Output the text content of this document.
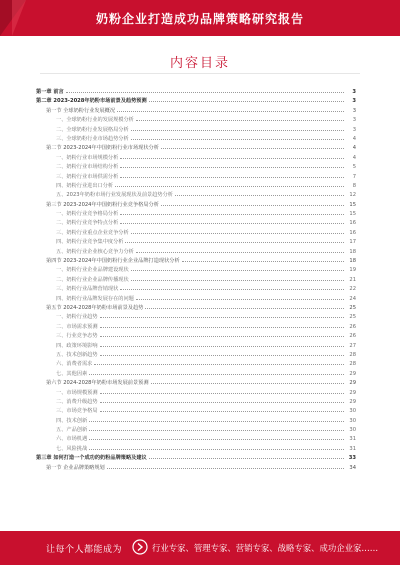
奶粉企业打造成功品牌策略研究报告
内容目录
第一章 前言	3
第二章 2023-2028年奶粉市场前景及趋势预测	3
第一节 全球奶粉行业发展概况	3
一、全球奶粉行业的发展规模分析	3
二、全球奶粉行业发展格局分析	3
三、全球奶粉行业市场趋势分析	4
第二节 2023-2024年中国奶粉行业市场现状分析	4
一、奶粉行业市场规模分析	4
二、奶粉行业市场结构分析	5
三、奶粉行业市场供需分析	7
四、奶粉行业进出口分析	8
五、2023年奶粉市场行业发展现状及前景趋势分析	12
第三节 2023-2024年中国奶粉行业竞争格局分析	15
一、奶粉行业竞争格局分析	15
二、奶粉行业竞争特点分析	16
三、奶粉行业重点企业竞争分析	16
四、奶粉行业竞争集中度分析	17
五、奶粉行业企业核心竞争力分析	18
第四节 2023-2024年中国奶粉行业企业品牌打造现状分析	18
一、奶粉行业企业品牌建设现状	19
二、奶粉行业企业品牌传播现状	21
三、奶粉行业品牌营销现状	22
四、奶粉行业品牌发展存在的问题	24
第五节 2024-2028年奶粉市场前景及趋势	25
一、奶粉行业趋势	25
二、市场需求预测	26
三、行业竞争态势	26
四、政策环境影响	27
五、技术创新趋势	28
六、消费者需求	28
七、其他因素	29
第六节 2024-2028年奶粉市场发展前景预测	29
一、市场规模预测	29
二、消费升级趋势	29
三、市场竞争格局	30
四、技术创新	30
五、产品创新	30
六、市场机遇	31
七、风险挑战	31
第三章 如何打造一个成功的奶粉品牌策略及建议	33
第一节 企业品牌策略规划	34
让每个人都能成为	行业专家、管理专家、营销专家、战略专家、成功企业家……
